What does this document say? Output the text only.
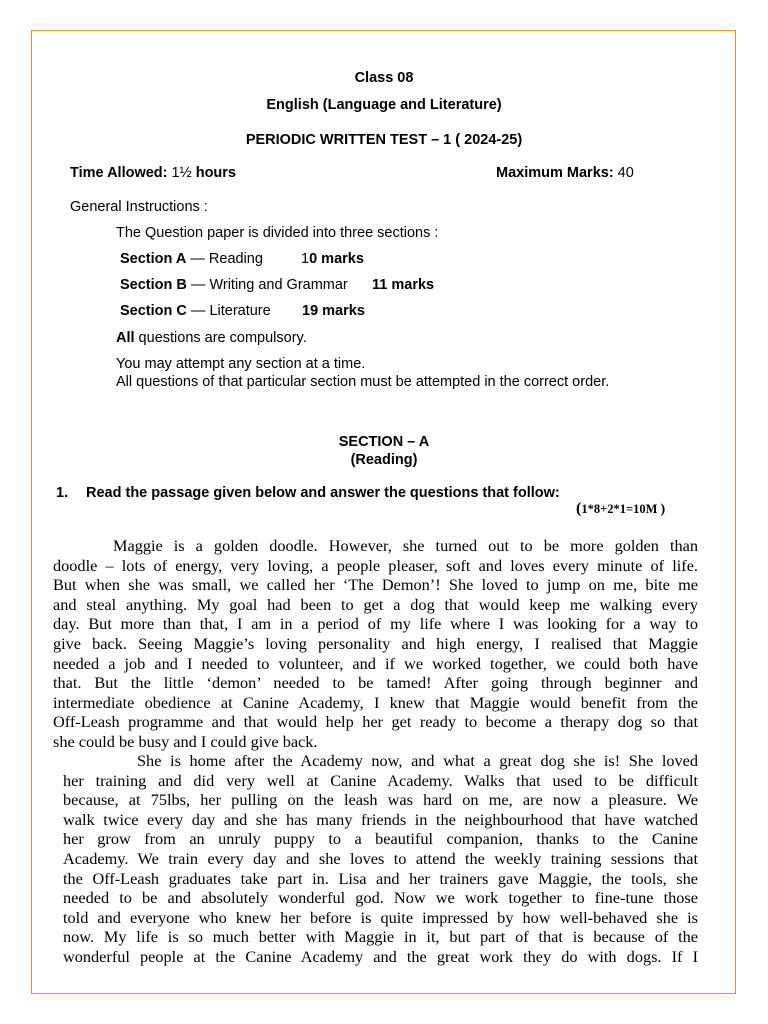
Class 08
English (Language and Literature)
PERIODIC WRITTEN TEST – 1 ( 2024-25)
Time Allowed: 1½ hours	Maximum Marks: 40
General Instructions :
The Question paper is divided into three sections :
Section A — Reading	10 marks
Section B — Writing and Grammar 11 marks
Section C — Literature 19 marks
All questions are compulsory.
You may attempt any section at a time.
All questions of that particular section must be attempted in the correct order.
SECTION – A
(Reading)
1. Read the passage given below and answer the questions that follow:
(1*8+2*1=10M )
Maggie is a golden doodle. However, she turned out to be more golden than
doodle – lots of energy, very loving, a people pleaser, soft and loves every minute of life.
But when she was small, we called her ‘The Demon’! She loved to jump on me, bite me
and steal anything. My goal had been to get a dog that would keep me walking every
day. But more than that, I am in a period of my life where I was looking for a way to
give back. Seeing Maggie’s loving personality and high energy, I realised that Maggie
needed a job and I needed to volunteer, and if we worked together, we could both have
that. But the little ‘demon’ needed to be tamed! After going through beginner and
intermediate obedience at Canine Academy, I knew that Maggie would benefit from the
Off-Leash programme and that would help her get ready to become a therapy dog so that
she could be busy and I could give back.
She is home after the Academy now, and what a great dog she is! She loved
her training and did very well at Canine Academy. Walks that used to be difficult
because, at 75lbs, her pulling on the leash was hard on me, are now a pleasure. We
walk twice every day and she has many friends in the neighbourhood that have watched
her grow from an unruly puppy to a beautiful companion, thanks to the Canine
Academy. We train every day and she loves to attend the weekly training sessions that
the Off-Leash graduates take part in. Lisa and her trainers gave Maggie, the tools, she
needed to be and absolutely wonderful god. Now we work together to fine-tune those
told and everyone who knew her before is quite impressed by how well-behaved she is
now. My life is so much better with Maggie in it, but part of that is because of the
wonderful people at the Canine Academy and the great work they do with dogs. If I
